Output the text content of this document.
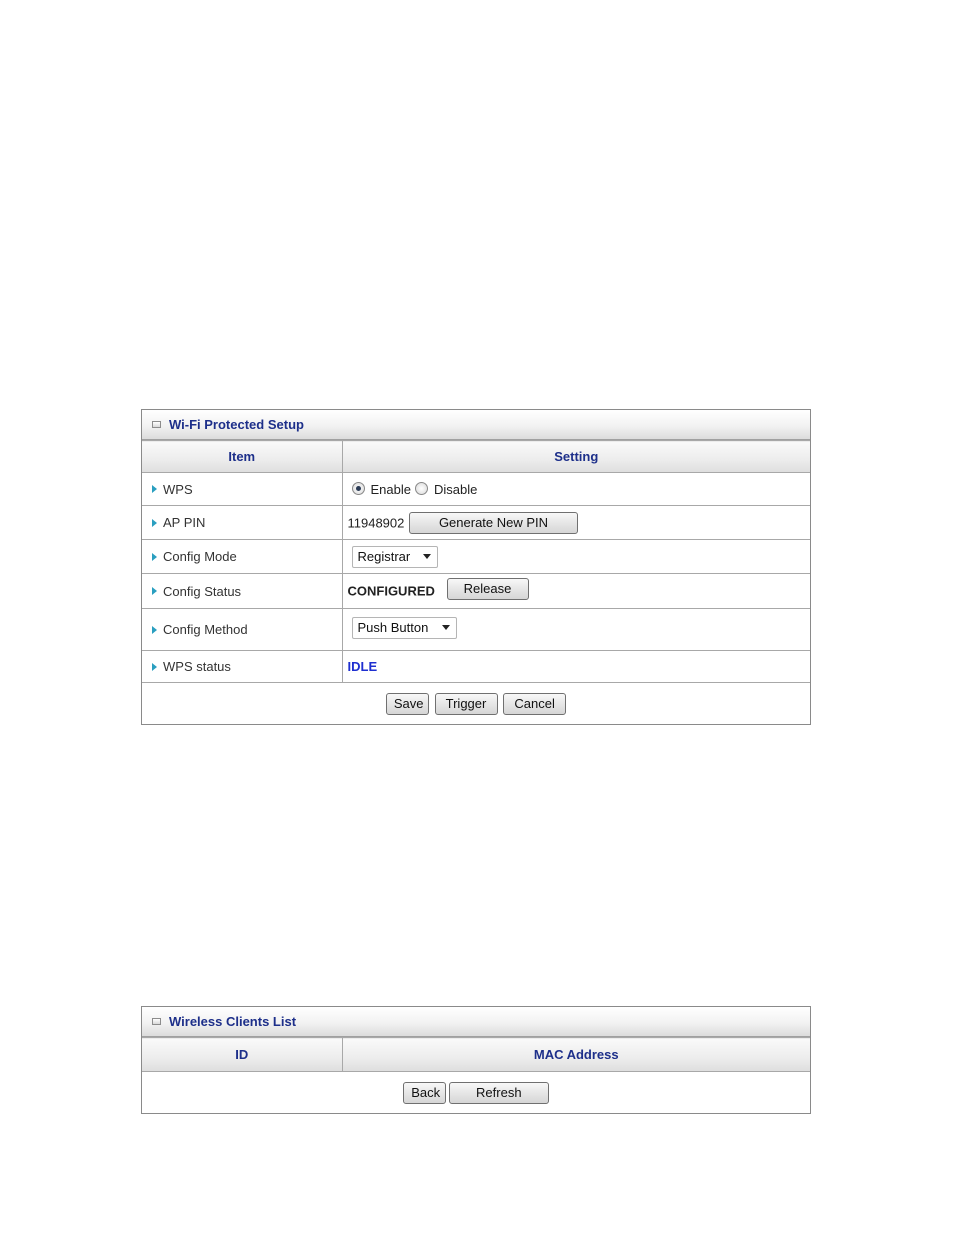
Wi-Fi Protected Setup
Item	Setting
WPS	Enable Disable
AP PIN	11948902 Generate New PIN
Config Mode	Registrar

Config Status	CONFIGURED Release
Config Method	Push Button

WPS status	IDLE
Save Trigger Cancel	
Wireless Clients List
ID	MAC Address
Back	Refresh
